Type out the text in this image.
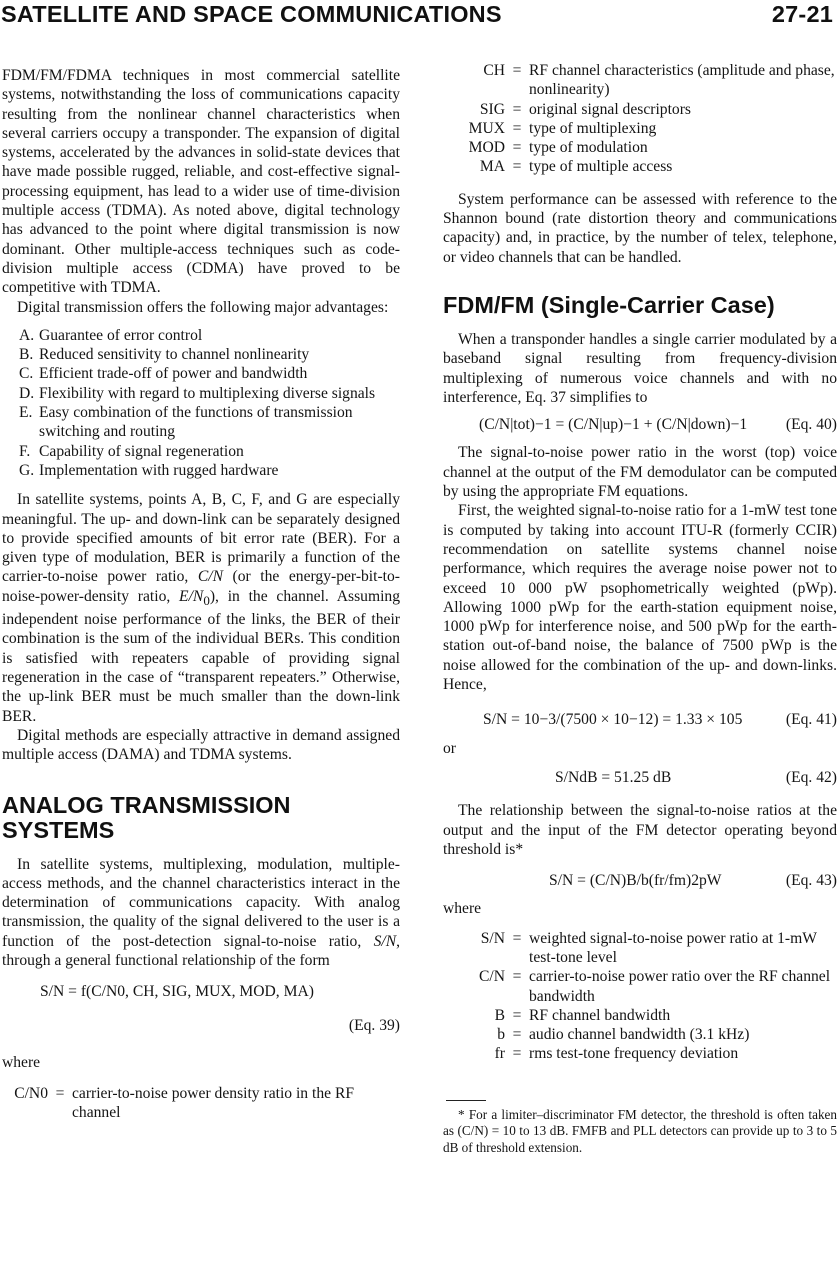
SATELLITE AND SPACE COMMUNICATIONS	27-21

FDM/FM/FDMA techniques in most commercial satellite systems, notwithstanding the loss of communications capacity resulting from the nonlinear channel characteristics when several carriers occupy a transponder. The expansion of digital systems, accelerated by the advances in solid-state devices that have made possible rugged, reliable, and cost-effective signal-processing equipment, has lead to a wider use of time-division multiple access (TDMA). As noted above, digital technology has advanced to the point where digital transmission is now dominant. Other multiple-access techniques such as code-division multiple access (CDMA) have proved to be competitive with TDMA.

Digital transmission offers the following major advantages:

A. Guarantee of error control
B. Reduced sensitivity to channel nonlinearity
C. Efficient trade-off of power and bandwidth
D. Flexibility with regard to multiplexing diverse signals
E. Easy combination of the functions of transmission switching and routing
F. Capability of signal regeneration
G. Implementation with rugged hardware

In satellite systems, points A, B, C, F, and G are especially meaningful. The up- and down-link can be separately designed to provide specified amounts of bit error rate (BER). For a given type of modulation, BER is primarily a function of the carrier-to-noise power ratio, C/N (or the energy-per-bit-to-noise-power-density ratio, $E/N_0$), in the channel. Assuming independent noise performance of the links, the BER of their combination is the sum of the individual BERs. This condition is satisfied with repeaters capable of providing signal regeneration in the case of “transparent repeaters.” Otherwise, the up-link BER must be much smaller than the down-link BER.

Digital methods are especially attractive in demand assigned multiple access (DAMA) and TDMA systems.

ANALOG TRANSMISSION SYSTEMS

In satellite systems, multiplexing, modulation, multiple-access methods, and the channel characteristics interact in the determination of communications capacity. With analog transmission, the quality of the signal delivered to the user is a function of the post-detection signal-to-noise ratio, S/N, through a general functional relationship of the form

S/N = f(C/N0, CH, SIG, MUX, MOD, MA)
(Eq. 39)

where

C/N0 = carrier-to-noise power density ratio in the RF channel
CH = RF channel characteristics (amplitude and phase, nonlinearity)
SIG = original signal descriptors
MUX = type of multiplexing
MOD = type of modulation
MA = type of multiple access

System performance can be assessed with reference to the Shannon bound (rate distortion theory and communications capacity) and, in practice, by the number of telex, telephone, or video channels that can be handled.

FDM/FM (Single-Carrier Case)

When a transponder handles a single carrier modulated by a baseband signal resulting from frequency-division multiplexing of numerous voice channels and with no interference, Eq. 37 simplifies to

(C/N|tot)−1 = (C/N|up)−1 + (C/N|down)−1	(Eq. 40)

The signal-to-noise power ratio in the worst (top) voice channel at the output of the FM demodulator can be computed by using the appropriate FM equations.

First, the weighted signal-to-noise ratio for a 1-mW test tone is computed by taking into account ITU-R (formerly CCIR) recommendation on satellite systems channel noise performance, which requires the average noise power not to exceed 10 000 pW psophometrically weighted (pWp). Allowing 1000 pWp for the earth-station equipment noise, 1000 pWp for interference noise, and 500 pWp for the earth-station out-of-band noise, the balance of 7500 pWp is the noise allowed for the combination of the up- and down-links. Hence,

S/N = 10−3/(7500 × 10−12) = 1.33 × 105	(Eq. 41)

or

S/NdB = 51.25 dB	(Eq. 42)

The relationship between the signal-to-noise ratios at the output and the input of the FM detector operating beyond threshold is*

S/N = (C/N)B/b(fr/fm)2pW	(Eq. 43)

where

S/N = weighted signal-to-noise power ratio at 1-mW test-tone level
C/N = carrier-to-noise power ratio over the RF channel bandwidth
B = RF channel bandwidth
b = audio channel bandwidth (3.1 kHz)
fr = rms test-tone frequency deviation

* For a limiter–discriminator FM detector, the threshold is often taken as (C/N) = 10 to 13 dB. FMFB and PLL detectors can provide up to 3 to 5 dB of threshold extension.
